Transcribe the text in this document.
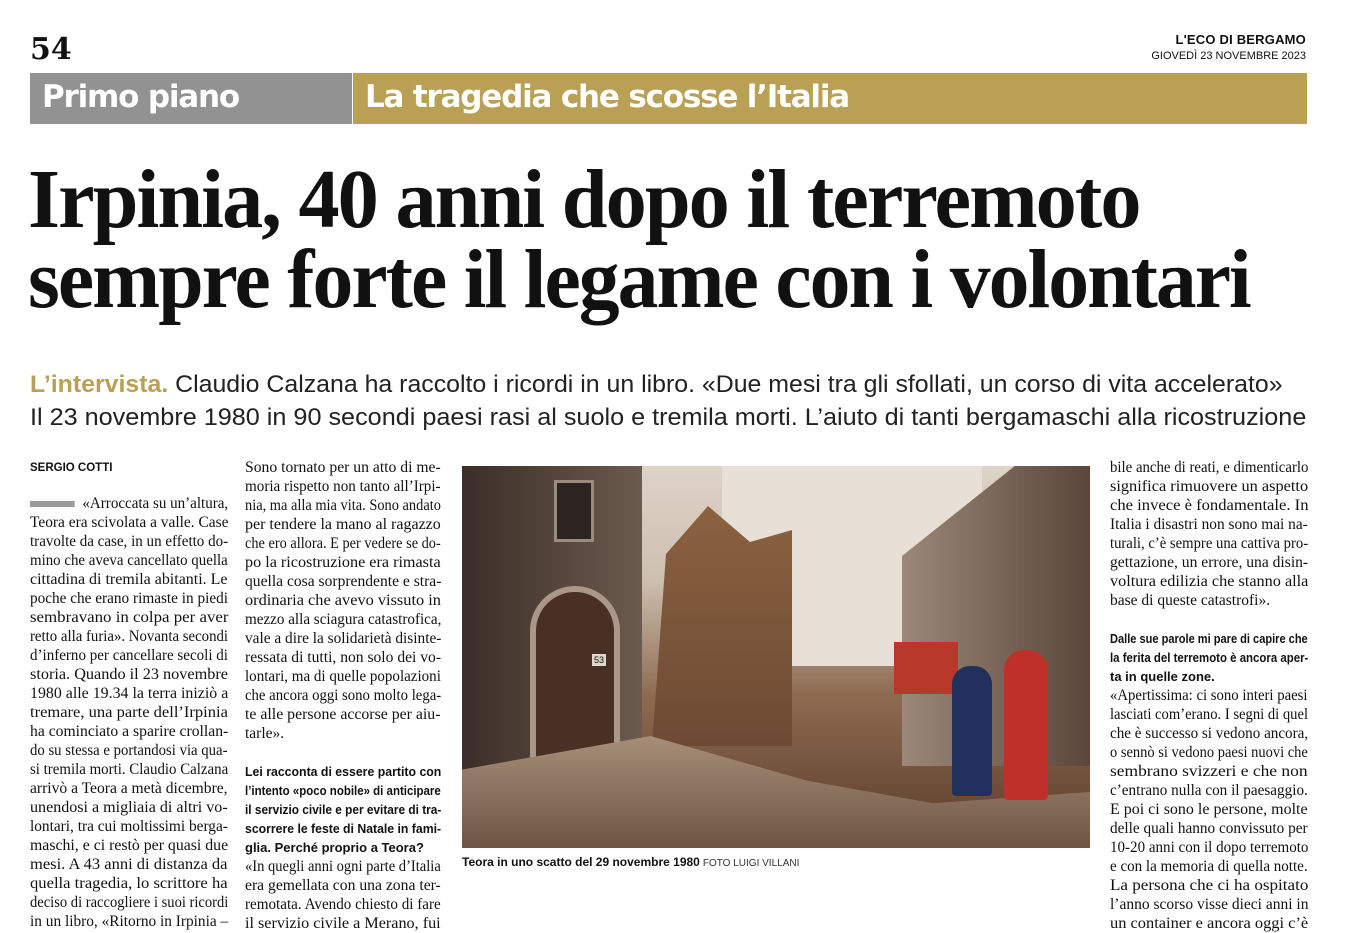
54	L'ECO DI BERGAMO
GIOVEDÌ 23 NOVEMBRE 2023
Primo piano	La tragedia che scosse l’Italia
Irpinia, 40 anni dopo il terremoto
sempre forte il legame con i volontari
L’intervista. Claudio Calzana ha raccolto i ricordi in un libro. «Due mesi tra gli sfollati, un corso di vita accelerato»
Il 23 novembre 1980 in 90 secondi paesi rasi al suolo e tremila morti. L’aiuto di tanti bergamaschi alla ricostruzione
SERGIO COTTI
«Arroccata su un’altura,
Teora era scivolata a valle. Case
travolte da case, in un effetto do-
mino che aveva cancellato quella
cittadina di tremila abitanti. Le
poche che erano rimaste in piedi
sembravano in colpa per aver
retto alla furia». Novanta secondi
d’inferno per cancellare secoli di
storia. Quando il 23 novembre
1980 alle 19.34 la terra iniziò a
tremare, una parte dell’Irpinia
ha cominciato a sparire crollan-
do su stessa e portandosi via qua-
si tremila morti. Claudio Calzana
arrivò a Teora a metà dicembre,
unendosi a migliaia di altri vo-
lontari, tra cui moltissimi berga-
maschi, e ci restò per quasi due
mesi. A 43 anni di distanza da
quella tragedia, lo scrittore ha
deciso di raccogliere i suoi ricordi
in un libro, «Ritorno in Irpinia –
Sono tornato per un atto di me-
moria rispetto non tanto all’Irpi-
nia, ma alla mia vita. Sono andato
per tendere la mano al ragazzo
che ero allora. E per vedere se do-
po la ricostruzione era rimasta
quella cosa sorprendente e stra-
ordinaria che avevo vissuto in
mezzo alla sciagura catastrofica,
vale a dire la solidarietà disinte-
ressata di tutti, non solo dei vo-
lontari, ma di quelle popolazioni
che ancora oggi sono molto lega-
te alle persone accorse per aiu-
tarle».
Lei racconta di essere partito con
l’intento «poco nobile» di anticipare
il servizio civile e per evitare di tra-
scorrere le feste di Natale in fami-
glia. Perché proprio a Teora?
«In quegli anni ogni parte d’Italia
era gemellata con una zona ter-
remotata. Avendo chiesto di fare
il servizio civile a Merano, fui
bile anche di reati, e dimenticarlo
significa rimuovere un aspetto
che invece è fondamentale. In
Italia i disastri non sono mai na-
turali, c’è sempre una cattiva pro-
gettazione, un errore, una disin-
voltura edilizia che stanno alla
base di queste catastrofi».
Dalle sue parole mi pare di capire che
la ferita del terremoto è ancora aper-
ta in quelle zone.
«Apertissima: ci sono interi paesi
lasciati com’erano. I segni di quel
che è successo si vedono ancora,
o sennò si vedono paesi nuovi che
sembrano svizzeri e che non
c’entrano nulla con il paesaggio.
E poi ci sono le persone, molte
delle quali hanno convissuto per
10-20 anni con il dopo terremoto
e con la memoria di quella notte.
La persona che ci ha ospitato
l’anno scorso visse dieci anni in
un container e ancora oggi c’è
53
Teora in uno scatto del 29 novembre 1980 FOTO LUIGI VILLANI
